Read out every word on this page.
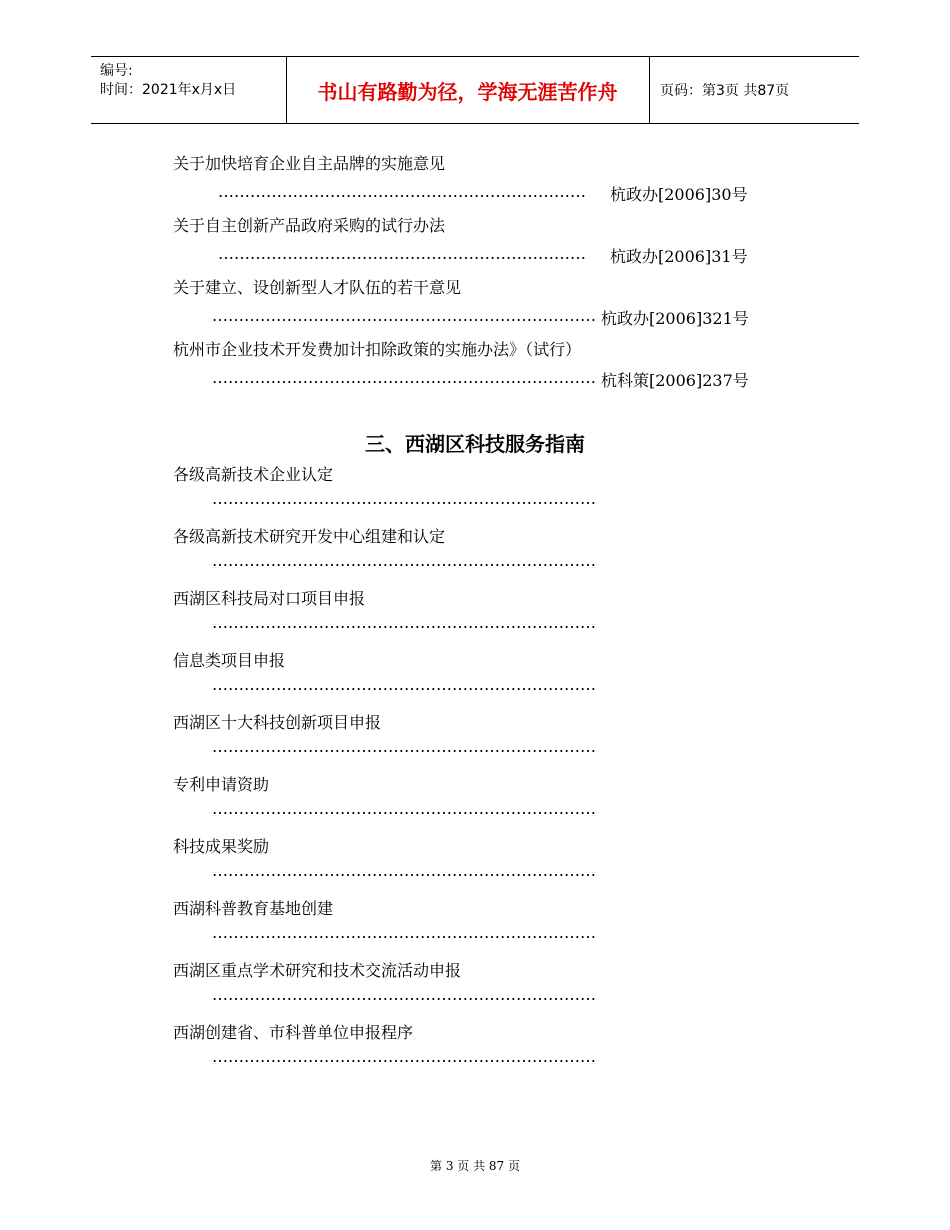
编号:
时间：2021年x月x日	书山有路勤为径，学海无涯苦作舟	页码：第3页 共87页
关于加快培育企业自主品牌的实施意见
…………………………………………………………… 杭政办[2006]30号
关于自主创新产品政府采购的试行办法
…………………………………………………………… 杭政办[2006]31号
关于建立、设创新型人才队伍的若干意见
……………………………………………………………… 杭政办[2006]321号
杭州市企业技术开发费加计扣除政策的实施办法》（试行）
……………………………………………………………… 杭科策[2006]237号
三、西湖区科技服务指南
各级高新技术企业认定
………………………………………………………………
各级高新技术研究开发中心组建和认定
………………………………………………………………
西湖区科技局对口项目申报
………………………………………………………………
信息类项目申报
………………………………………………………………
西湖区十大科技创新项目申报
………………………………………………………………
专利申请资助
………………………………………………………………
科技成果奖励
………………………………………………………………
西湖科普教育基地创建
………………………………………………………………
西湖区重点学术研究和技术交流活动申报
………………………………………………………………
西湖创建省、市科普单位申报程序
………………………………………………………………
第 3 页 共 87 页
